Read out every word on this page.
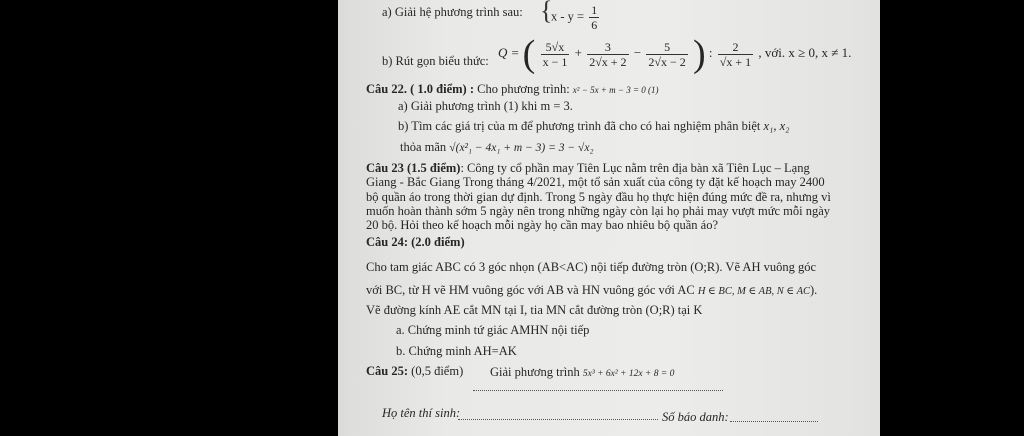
a) Giải hệ phương trình sau: {
$x - y = \frac{1}{6}$
b) Rút gọn biểu thức:
Q = ( $\frac{5√x}{x - 1} + \frac{3}{2√x + 2} - \frac{5}{2√x - 2}$ ) : $\frac{2}{√x + 1}$ , với. x ≥ 0, x ≠ 1.
Câu 22. ( 1.0 điểm) : Cho phương trình: x² − 5x + m − 3 = 0 (1)
a) Giải phương trình (1) khi m = 3.
b) Tìm các giá trị của m để phương trình đã cho có hai nghiệm phân biệt x₁, x₂
thỏa mãn √(x²₁ − 4x₁ + m − 3) = 3 − √x₂
Câu 23 (1.5 điểm): Công ty cổ phần may Tiên Lục nằm trên địa bàn xã Tiên Lục – Lạng
Giang - Bắc Giang Trong tháng 4/2021, một tổ sản xuất của công ty đặt kế hoạch may 2400
bộ quần áo trong thời gian dự định. Trong 5 ngày đầu họ thực hiện đúng mức đề ra, nhưng vì
muốn hoàn thành sớm 5 ngày nên trong những ngày còn lại họ phải may vượt mức mỗi ngày
20 bộ. Hỏi theo kế hoạch mỗi ngày họ cần may bao nhiêu bộ quần áo?
Câu 24: (2.0 điểm)
Cho tam giác ABC có 3 góc nhọn (AB<AC) nội tiếp đường tròn (O;R). Vẽ AH vuông góc
với BC, từ H vẽ HM vuông góc với AB và HN vuông góc với AC H ∈ BC, M ∈ AB, N ∈ AC).
Vẽ đường kính AE cắt MN tại I, tia MN cắt đường tròn (O;R) tại K
a. Chứng minh tứ giác AMHN nội tiếp
b. Chứng minh AH=AK
Câu 25: (0,5 điểm) Giải phương trình 5x³ + 6x² + 12x + 8 = 0
Họ tên thí sinh:	Số báo danh:
